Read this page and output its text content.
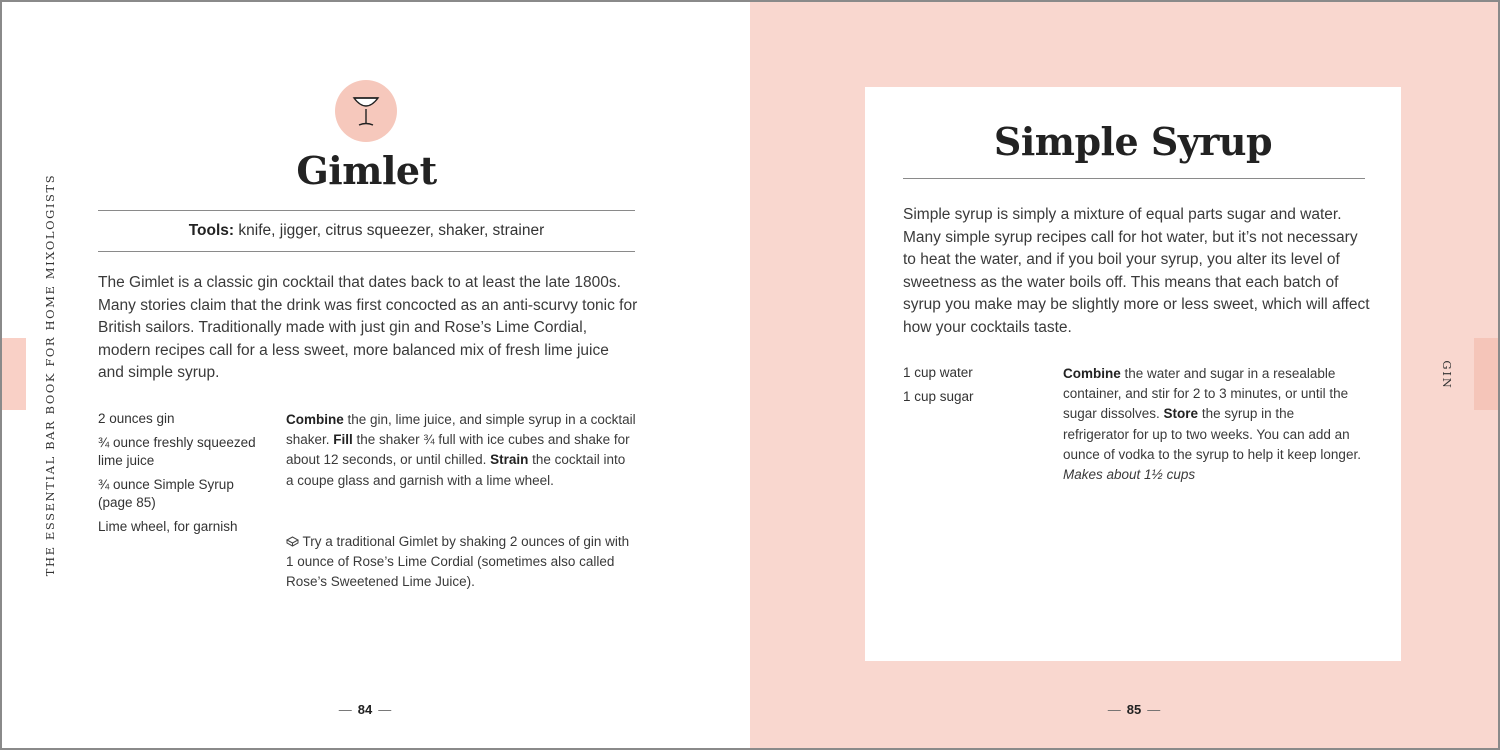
THE ESSENTIAL BAR BOOK FOR HOME MIXOLOGISTS
Gimlet
Tools: knife, jigger, citrus squeezer, shaker, strainer
The Gimlet is a classic gin cocktail that dates back to at least the late 1800s. Many stories claim that the drink was first concocted as an anti-scurvy tonic for British sailors. Traditionally made with just gin and Rose’s Lime Cordial, modern recipes call for a less sweet, more balanced mix of fresh lime juice and simple syrup.
2 ounces gin
¾ ounce freshly squeezed lime juice
¾ ounce Simple Syrup (page 85)
Lime wheel, for garnish
Combine the gin, lime juice, and simple syrup in a cocktail shaker. Fill the shaker ¾ full with ice cubes and shake for about 12 seconds, or until chilled. Strain the cocktail into a coupe glass and garnish with a lime wheel.
Try a traditional Gimlet by shaking 2 ounces of gin with 1 ounce of Rose’s Lime Cordial (sometimes also called Rose’s Sweetened Lime Juice).
— 84 —
Simple Syrup
Simple syrup is simply a mixture of equal parts sugar and water. Many simple syrup recipes call for hot water, but it’s not necessary to heat the water, and if you boil your syrup, you alter its level of sweetness as the water boils off. This means that each batch of syrup you make may be slightly more or less sweet, which will affect how your cocktails taste.
1 cup water
1 cup sugar
Combine the water and sugar in a resealable container, and stir for 2 to 3 minutes, or until the sugar dissolves. Store the syrup in the refrigerator for up to two weeks. You can add an ounce of vodka to the syrup to help it keep longer. Makes about 1½ cups
GIN
— 85 —
